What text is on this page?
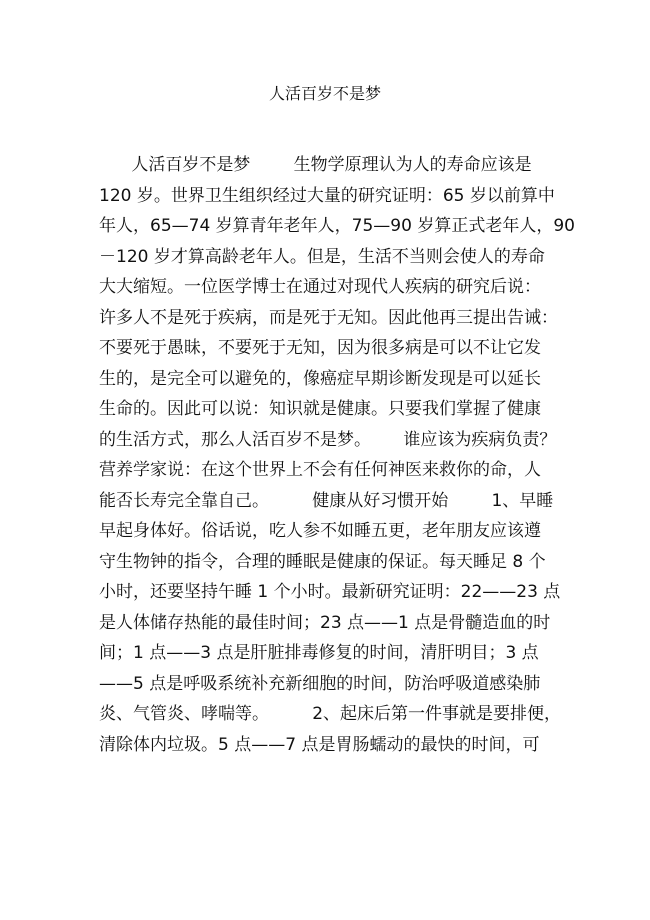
人活百岁不是梦
人活百岁不是梦        生物学原理认为人的寿命应该是
120 岁。世界卫生组织经过大量的研究证明：65 岁以前算中
年人，65—74 岁算青年老年人，75—90 岁算正式老年人，90
－120 岁才算高龄老年人。但是，生活不当则会使人的寿命
大大缩短。一位医学博士在通过对现代人疾病的研究后说：
许多人不是死于疾病，而是死于无知。因此他再三提出告诫：
不要死于愚昧，不要死于无知，因为很多病是可以不让它发
生的，是完全可以避免的，像癌症早期诊断发现是可以延长
生命的。因此可以说：知识就是健康。只要我们掌握了健康
的生活方式，那么人活百岁不是梦。      谁应该为疾病负责？
营养学家说：在这个世界上不会有任何神医来救你的命，人
能否长寿完全靠自己。        健康从好习惯开始        1、早睡
早起身体好。俗话说，吃人参不如睡五更，老年朋友应该遵
守生物钟的指令，合理的睡眠是健康的保证。每天睡足 8 个
小时，还要坚持午睡 1 个小时。最新研究证明：22——23 点
是人体储存热能的最佳时间；23 点——1 点是骨髓造血的时
间；1 点——3 点是肝脏排毒修复的时间，清肝明目；3 点
——5 点是呼吸系统补充新细胞的时间，防治呼吸道感染肺
炎、气管炎、哮喘等。        2、起床后第一件事就是要排便，
清除体内垃圾。5 点——7 点是胃肠蠕动的最快的时间，可
